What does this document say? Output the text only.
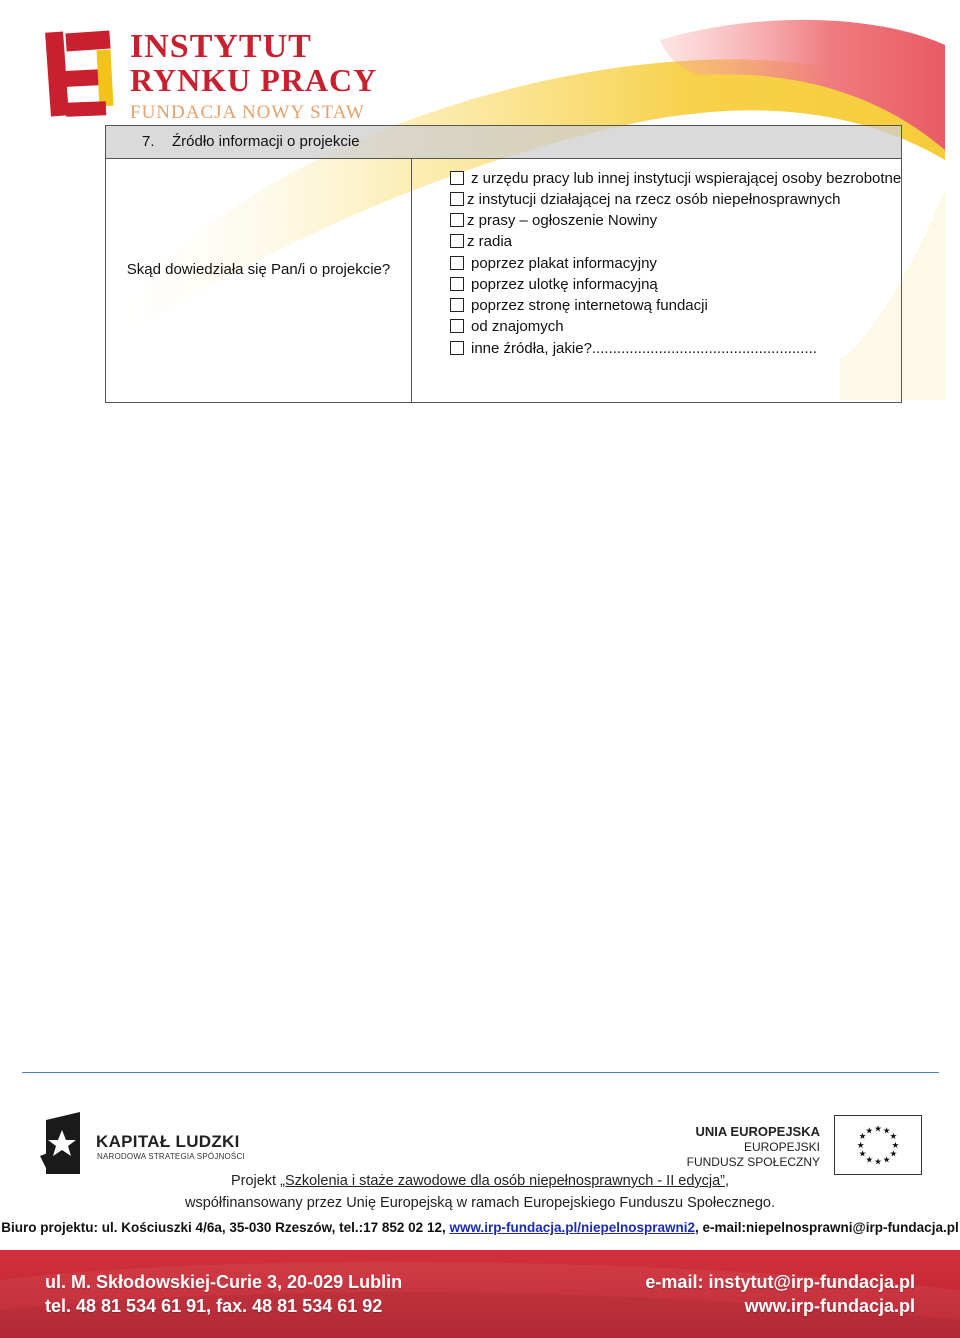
INSTYTUT
RYNKU PRACY
FUNDACJA NOWY STAW
7. Źródło informacji o projekcie
Skąd dowiedziała się Pan/i o projekcie?
z urzędu pracy lub innej instytucji wspierającej osoby bezrobotne
z instytucji działającej na rzecz osób niepełnosprawnych
z prasy – ogłoszenie Nowiny
z radia
poprzez plakat informacyjny
poprzez ulotkę informacyjną
poprzez stronę internetową fundacji
od znajomych
inne źródła, jakie?......................................................
KAPITAŁ LUDZKI
NARODOWA STRATEGIA SPÓJNOŚCI
UNIA EUROPEJSKA
EUROPEJSKI
FUNDUSZ SPOŁECZNY
★ ★
★
★
★
★
★
★
★
★
★
★
Projekt „Szkolenia i staże zawodowe dla osób niepełnosprawnych - II edycja”,
współfinansowany przez Unię Europejską w ramach Europejskiego Funduszu Społecznego.
Biuro projektu: ul. Kościuszki 4/6a, 35-030 Rzeszów, tel.:17 852 02 12, www.irp-fundacja.pl/niepelnosprawni2, e-mail:niepelnosprawni@irp-fundacja.pl
ul. M. Skłodowskiej-Curie 3, 20-029 Lublin
tel. 48 81 534 61 91, fax. 48 81 534 61 92
e-mail: instytut@irp-fundacja.pl
www.irp-fundacja.pl
